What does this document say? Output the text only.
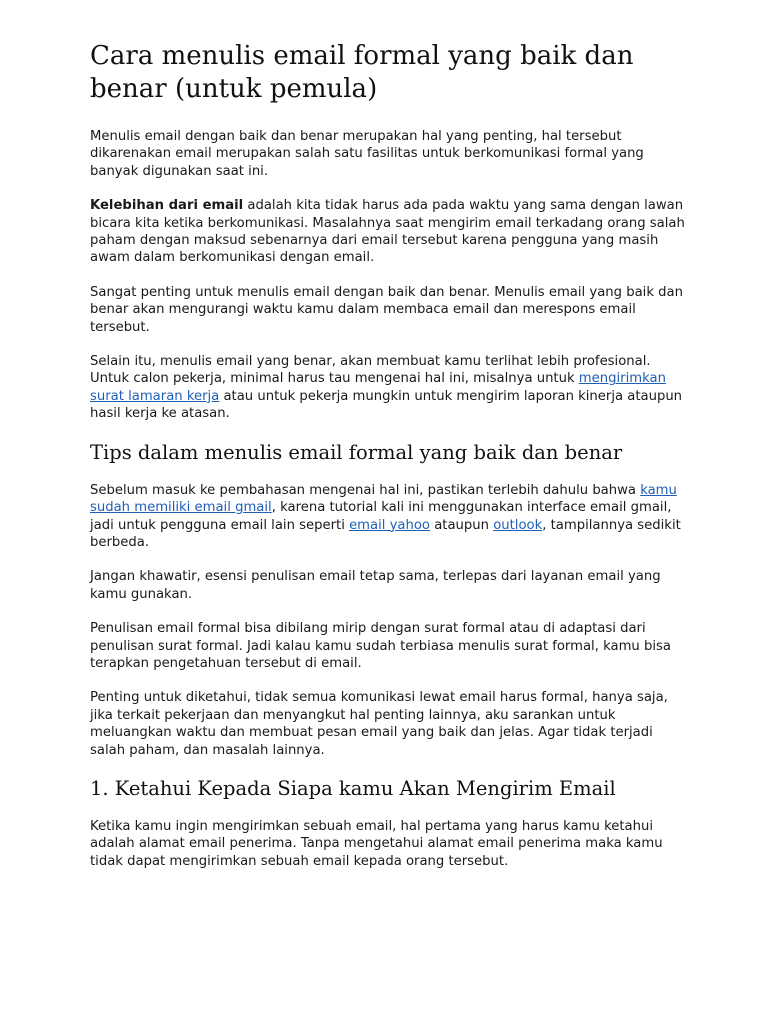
Cara menulis email formal yang baik dan benar (untuk pemula)

Menulis email dengan baik dan benar merupakan hal yang penting, hal tersebut dikarenakan email merupakan salah satu fasilitas untuk berkomunikasi formal yang banyak digunakan saat ini.

Kelebihan dari email adalah kita tidak harus ada pada waktu yang sama dengan lawan bicara kita ketika berkomunikasi. Masalahnya saat mengirim email terkadang orang salah paham dengan maksud sebenarnya dari email tersebut karena pengguna yang masih awam dalam berkomunikasi dengan email.

Sangat penting untuk menulis email dengan baik dan benar. Menulis email yang baik dan benar akan mengurangi waktu kamu dalam membaca email dan merespons email tersebut.

Selain itu, menulis email yang benar, akan membuat kamu terlihat lebih profesional. Untuk calon pekerja, minimal harus tau mengenai hal ini, misalnya untuk mengirimkan surat lamaran kerja atau untuk pekerja mungkin untuk mengirim laporan kinerja ataupun hasil kerja ke atasan.

Tips dalam menulis email formal yang baik dan benar

Sebelum masuk ke pembahasan mengenai hal ini, pastikan terlebih dahulu bahwa kamu sudah memiliki email gmail, karena tutorial kali ini menggunakan interface email gmail, jadi untuk pengguna email lain seperti email yahoo ataupun outlook, tampilannya sedikit berbeda.

Jangan khawatir, esensi penulisan email tetap sama, terlepas dari layanan email yang kamu gunakan.

Penulisan email formal bisa dibilang mirip dengan surat formal atau di adaptasi dari penulisan surat formal. Jadi kalau kamu sudah terbiasa menulis surat formal, kamu bisa terapkan pengetahuan tersebut di email.

Penting untuk diketahui, tidak semua komunikasi lewat email harus formal, hanya saja, jika terkait pekerjaan dan menyangkut hal penting lainnya, aku sarankan untuk meluangkan waktu dan membuat pesan email yang baik dan jelas. Agar tidak terjadi salah paham, dan masalah lainnya.

1. Ketahui Kepada Siapa kamu Akan Mengirim Email

Ketika kamu ingin mengirimkan sebuah email, hal pertama yang harus kamu ketahui adalah alamat email penerima. Tanpa mengetahui alamat email penerima maka kamu tidak dapat mengirimkan sebuah email kepada orang tersebut.
